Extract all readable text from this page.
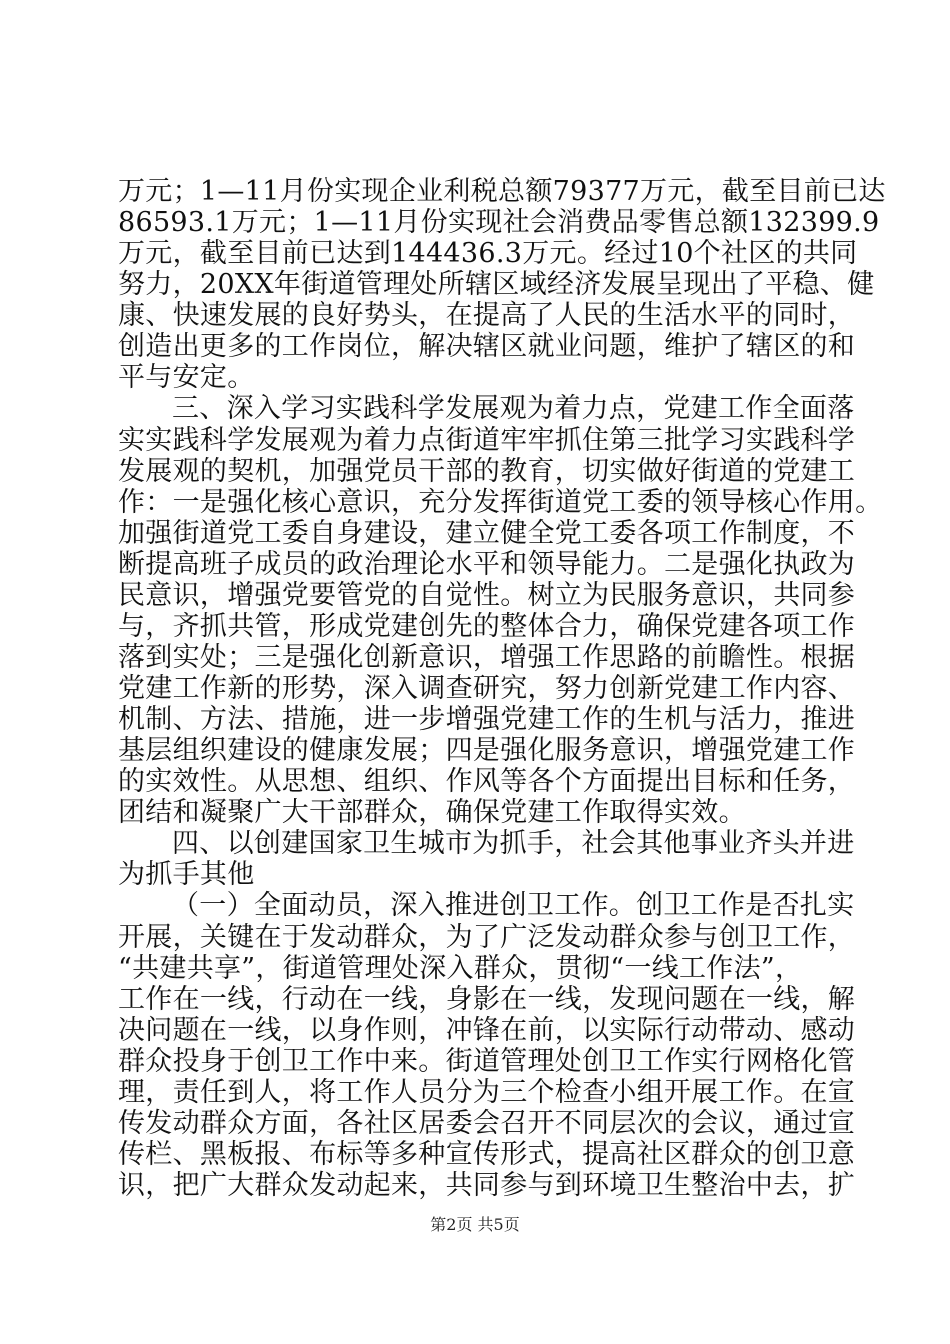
万元；1—11月份实现企业利税总额79377万元，截至目前已达

86593.1万元；1—11月份实现社会消费品零售总额132399.9

万元，截至目前已达到144436.3万元。经过10个社区的共同

努力，20XX年街道管理处所辖区域经济发展呈现出了平稳、健

康、快速发展的良好势头，在提高了人民的生活水平的同时，

创造出更多的工作岗位，解决辖区就业问题，维护了辖区的和

平与安定。

三、深入学习实践科学发展观为着力点，党建工作全面落

实实践科学发展观为着力点街道牢牢抓住第三批学习实践科学

发展观的契机，加强党员干部的教育，切实做好街道的党建工

作：一是强化核心意识，充分发挥街道党工委的领导核心作用。

加强街道党工委自身建设，建立健全党工委各项工作制度，不

断提高班子成员的政治理论水平和领导能力。二是强化执政为

民意识，增强党要管党的自觉性。树立为民服务意识，共同参

与，齐抓共管，形成党建创先的整体合力，确保党建各项工作

落到实处；三是强化创新意识，增强工作思路的前瞻性。根据

党建工作新的形势，深入调查研究，努力创新党建工作内容、

机制、方法、措施，进一步增强党建工作的生机与活力，推进

基层组织建设的健康发展；四是强化服务意识，增强党建工作

的实效性。从思想、组织、作风等各个方面提出目标和任务，

团结和凝聚广大干部群众，确保党建工作取得实效。

四、以创建国家卫生城市为抓手，社会其他事业齐头并进

为抓手其他

（一）全面动员，深入推进创卫工作。创卫工作是否扎实

开展，关键在于发动群众，为了广泛发动群众参与创卫工作，

“共建共享”，街道管理处深入群众，贯彻“一线工作法”，

工作在一线，行动在一线，身影在一线，发现问题在一线，解

决问题在一线，以身作则，冲锋在前，以实际行动带动、感动

群众投身于创卫工作中来。街道管理处创卫工作实行网格化管

理，责任到人，将工作人员分为三个检查小组开展工作。在宣

传发动群众方面，各社区居委会召开不同层次的会议，通过宣

传栏、黑板报、布标等多种宣传形式，提高社区群众的创卫意

识，把广大群众发动起来，共同参与到环境卫生整治中去，扩

第2页 共5页
